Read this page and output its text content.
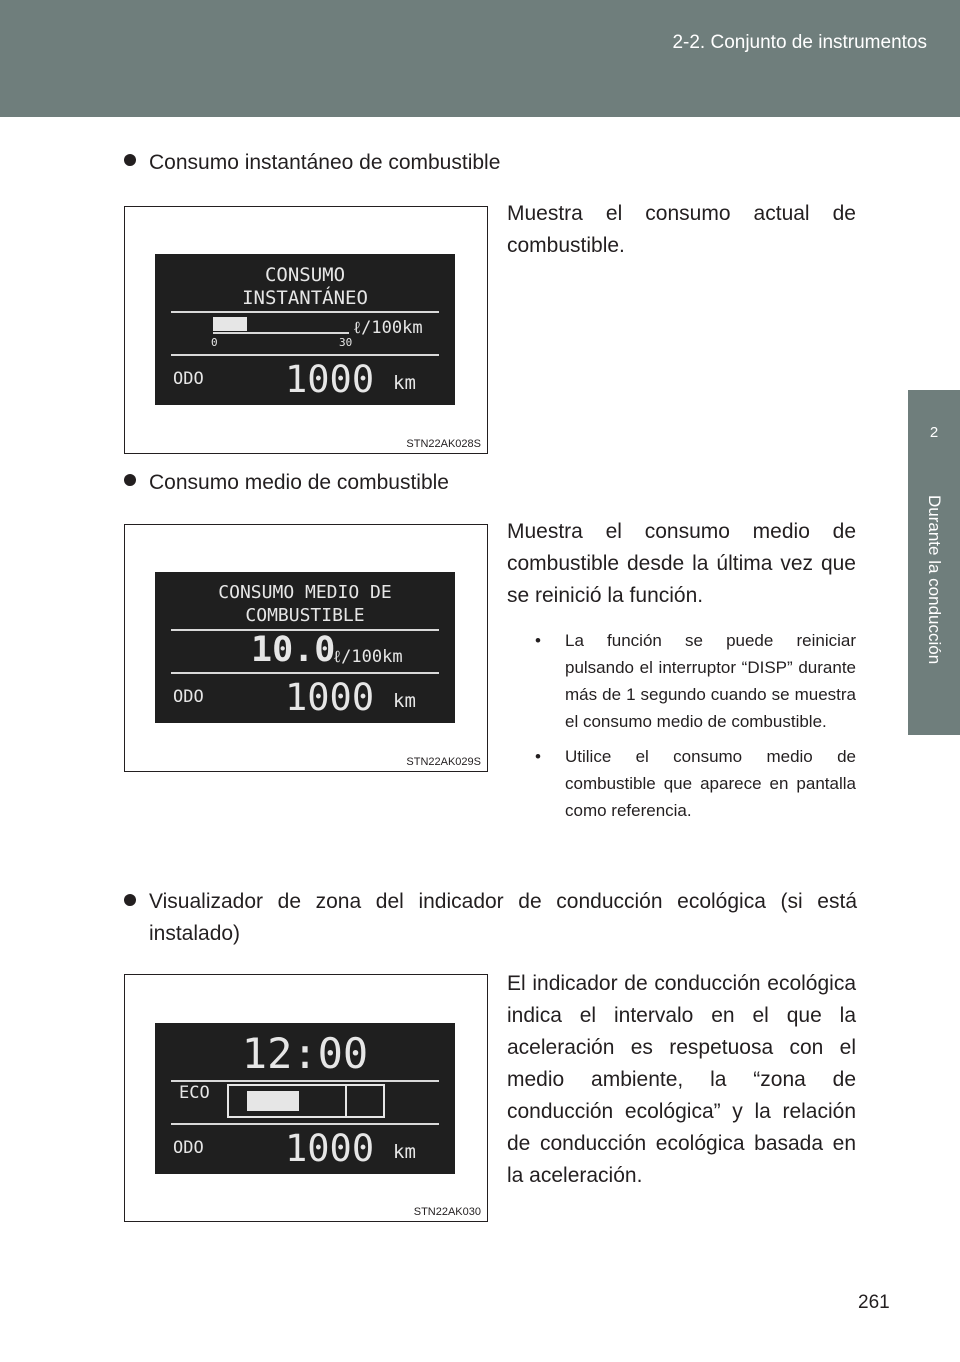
2-2. Conjunto de instrumentos
2
Durante la conducción
Consumo instantáneo de combustible
Muestra el consumo actual de combustible.
CONSUMO
INSTANTÁNEO
0	30
ℓ/100km
ODO 1000 km
STN22AK028S
Consumo medio de combustible
Muestra el consumo medio de combustible desde la última vez que se reinició la función.
CONSUMO MEDIO DE
COMBUSTIBLE
10.0
ℓ/100km
ODO 1000 km
STN22AK029S
• La función se puede reiniciar pulsando el interruptor “DISP” durante más de 1 segundo cuando se muestra el consumo medio de combustible.
• Utilice el consumo medio de combustible que aparece en pantalla como referencia.
Visualizador de zona del indicador de conducción ecológica (si está instalado)
El indicador de conducción ecológica indica el intervalo en el que la aceleración es respetuosa con el medio ambiente, la “zona de conducción ecológica” y la relación de conducción ecológica basada en la aceleración.
12:00
ECO
ODO 1000 km
STN22AK030
261
